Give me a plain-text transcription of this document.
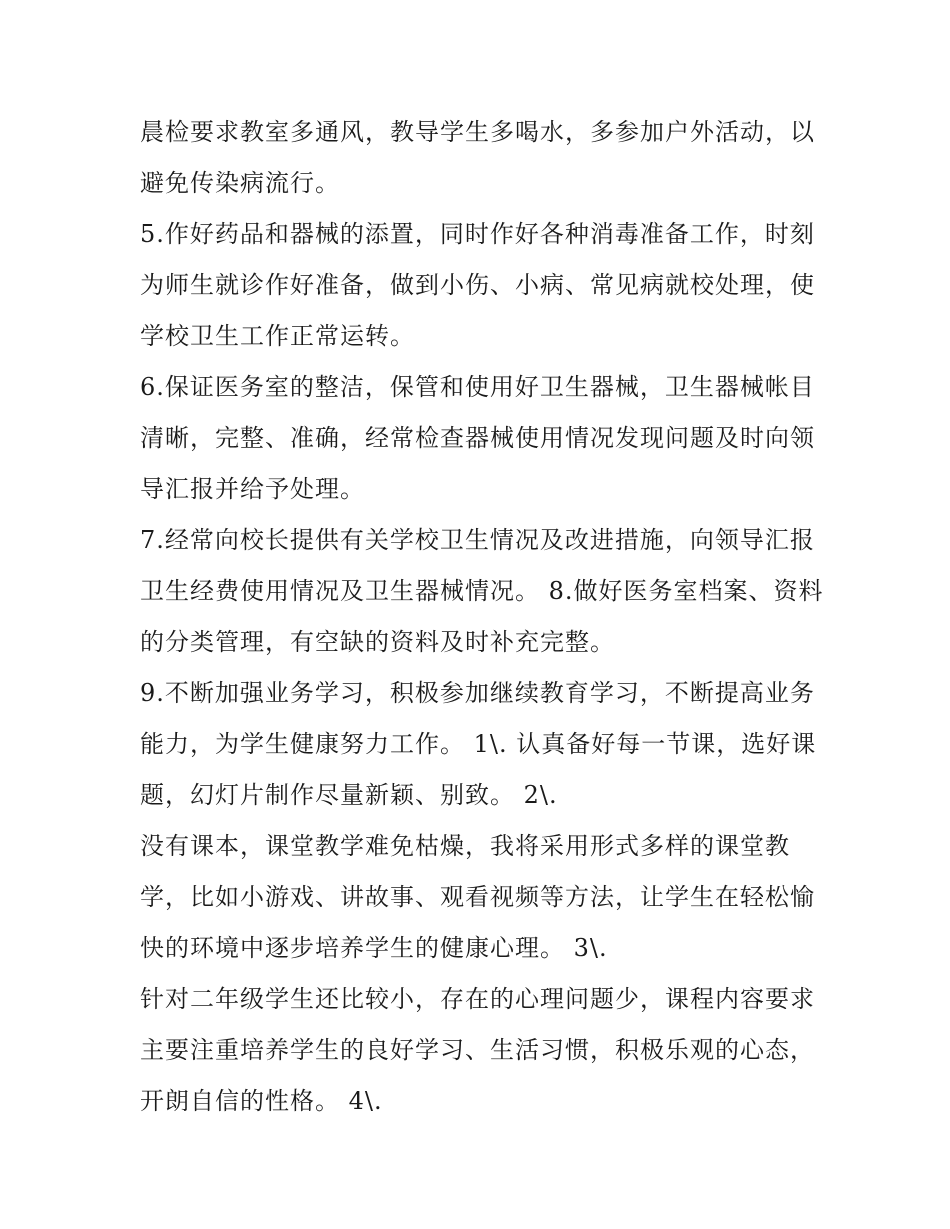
晨检要求教室多通风，教导学生多喝水，多参加户外活动，以
避免传染病流行。
5.作好药品和器械的添置，同时作好各种消毒准备工作，时刻
为师生就诊作好准备，做到小伤、小病、常见病就校处理，使
学校卫生工作正常运转。
6.保证医务室的整洁，保管和使用好卫生器械，卫生器械帐目
清晰，完整、准确，经常检查器械使用情况发现问题及时向领
导汇报并给予处理。
7.经常向校长提供有关学校卫生情况及改进措施，向领导汇报
卫生经费使用情况及卫生器械情况。 8.做好医务室档案、资料
的分类管理，有空缺的资料及时补充完整。
9.不断加强业务学习，积极参加继续教育学习，不断提高业务
能力，为学生健康努力工作。 1\. 认真备好每一节课，选好课
题，幻灯片制作尽量新颖、别致。 2\.
没有课本，课堂教学难免枯燥，我将采用形式多样的课堂教
学，比如小游戏、讲故事、观看视频等方法，让学生在轻松愉
快的环境中逐步培养学生的健康心理。 3\.
针对二年级学生还比较小，存在的心理问题少，课程内容要求
主要注重培养学生的良好学习、生活习惯，积极乐观的心态，
开朗自信的性格。 4\.
